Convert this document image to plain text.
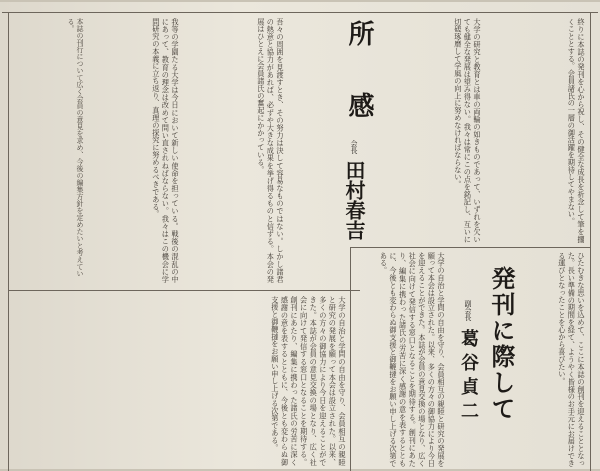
本誌の刊行について広く会員の意見を求め、今後の編集方針を定めたいと考えている。	我等の学園たる大学は今日において新しい使命を担っている。戦後の混乱の中にあって、教育の理念は改めて問い直されねばならない。我々はこの機会に学問研究の本義に立ち返り、真理の探究に努めるべきである。	吾々の周囲を見渡すとき、その努力は決して容易なものではない。しかし諸君の熱意と協力があれば、必ずや大きな成果を挙げ得るものと信ずる。本会の発展はひとえに会員諸氏の奮起にかかっている。	所
感
会長田村春吉	大学の研究と教育とは車の両輪の如きものであって、いずれを欠いても健全な発展は望み得ない。我々は常にこの点を銘記し、互いに切磋琢磨して学風の向上に努めなければならない。	終りに本誌の発刊を心から祝し、その健全な成長を祈念して筆を擱くこととする。会員諸氏の一層の御活躍を期待してやまない。
大学の自治と学問の自由を守り、会員相互の親睦と研究の発展を願って本会は設立された。以来、多くの方々の御協力により今日を迎えることができた。本誌が会員の意見交換の場となり、広く社会に向けて発信する窓口となることを期待する。創刊にあたり、編集に携わった諸氏の労苦に深く感謝の意を表するとともに、今後とも変わらぬ御支援と御鞭撻をお願い申し上げる次第である。	ひたむきな思いを込めて、ここに本誌の創刊を迎えることとなった。長い準備の期間を経て、ようやく皆様のお手元にお届けできる運びとなったことを心から喜びたい。
発刊に際して
副会長葛谷貞二
大学の自治と学問の自由を守り、会員相互の親睦と研究の発展を願って本会は設立された。以来、多くの方々の御協力により今日を迎えることができた。本誌が会員の意見交換の場となり、広く社会に向けて発信する窓口となることを期待する。創刊にあたり、編集に携わった諸氏の労苦に深く感謝の意を表するとともに、今後とも変わらぬ御支援と御鞭撻をお願い申し上げる次第である。
